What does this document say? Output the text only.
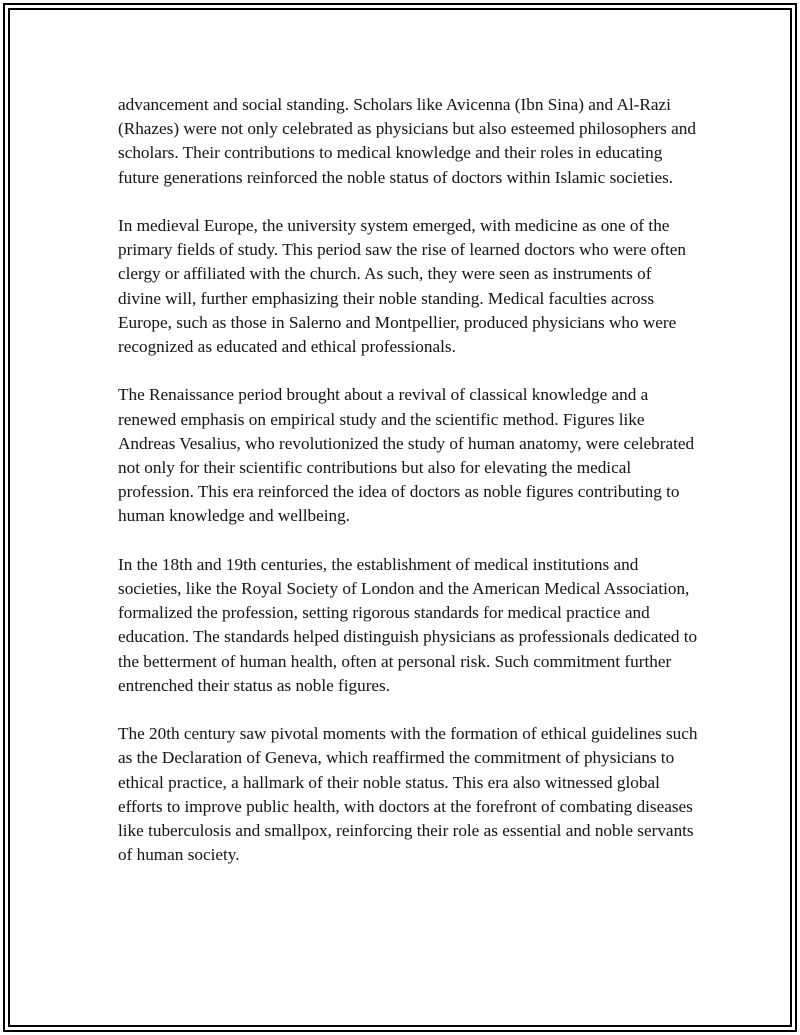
advancement and social standing. Scholars like Avicenna (Ibn Sina) and Al-Razi (Rhazes) were not only celebrated as physicians but also esteemed philosophers and scholars. Their contributions to medical knowledge and their roles in educating future generations reinforced the noble status of doctors within Islamic societies.

In medieval Europe, the university system emerged, with medicine as one of the primary fields of study. This period saw the rise of learned doctors who were often clergy or affiliated with the church. As such, they were seen as instruments of divine will, further emphasizing their noble standing. Medical faculties across Europe, such as those in Salerno and Montpellier, produced physicians who were recognized as educated and ethical professionals.

The Renaissance period brought about a revival of classical knowledge and a renewed emphasis on empirical study and the scientific method. Figures like Andreas Vesalius, who revolutionized the study of human anatomy, were celebrated not only for their scientific contributions but also for elevating the medical profession. This era reinforced the idea of doctors as noble figures contributing to human knowledge and wellbeing.

In the 18th and 19th centuries, the establishment of medical institutions and societies, like the Royal Society of London and the American Medical Association, formalized the profession, setting rigorous standards for medical practice and education. The standards helped distinguish physicians as professionals dedicated to the betterment of human health, often at personal risk. Such commitment further entrenched their status as noble figures.

The 20th century saw pivotal moments with the formation of ethical guidelines such as the Declaration of Geneva, which reaffirmed the commitment of physicians to ethical practice, a hallmark of their noble status. This era also witnessed global efforts to improve public health, with doctors at the forefront of combating diseases like tuberculosis and smallpox, reinforcing their role as essential and noble servants of human society.
